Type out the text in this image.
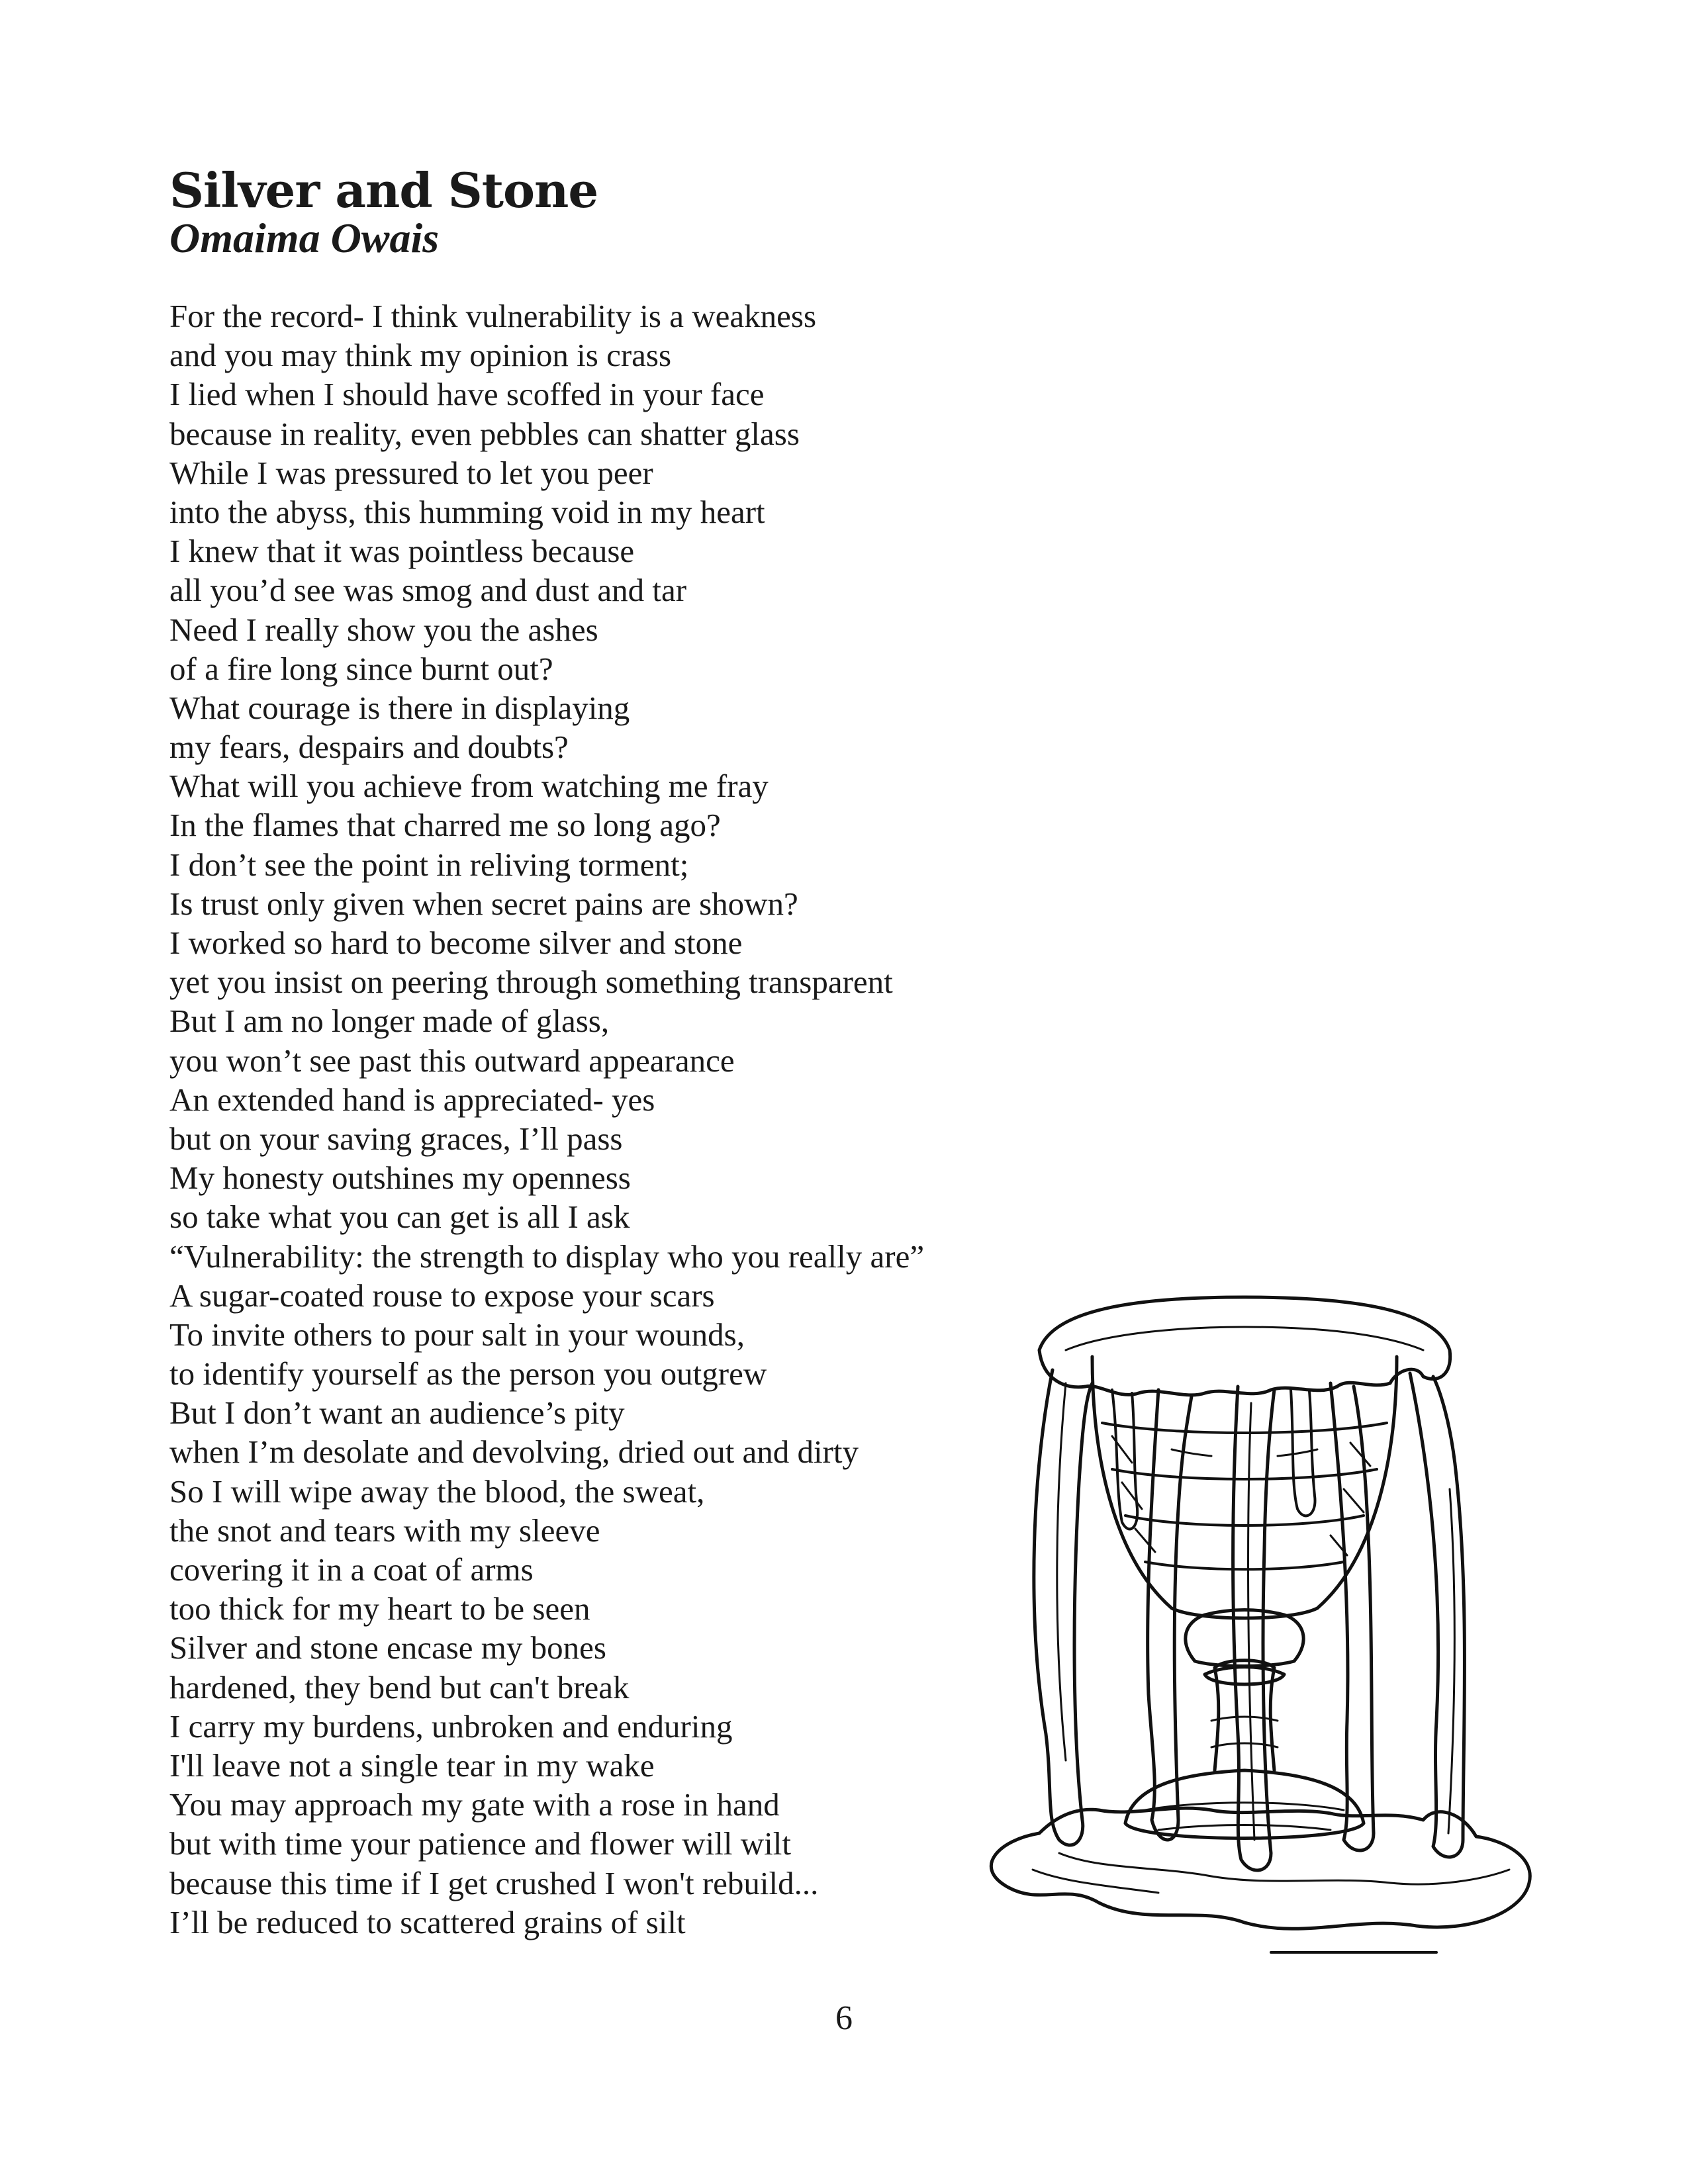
Silver and Stone
Omaima Owais
For the record- I think vulnerability is a weakness
and you may think my opinion is crass
I lied when I should have scoffed in your face
because in reality, even pebbles can shatter glass
While I was pressured to let you peer
into the abyss, this humming void in my heart
I knew that it was pointless because
all you’d see was smog and dust and tar
Need I really show you the ashes
of a fire long since burnt out?
What courage is there in displaying
my fears, despairs and doubts?
What will you achieve from watching me fray
In the flames that charred me so long ago?
I don’t see the point in reliving torment;
Is trust only given when secret pains are shown?
I worked so hard to become silver and stone
yet you insist on peering through something transparent
But I am no longer made of glass,
you won’t see past this outward appearance
An extended hand is appreciated- yes
but on your saving graces, I’ll pass
My honesty outshines my openness
so take what you can get is all I ask
“Vulnerability: the strength to display who you really are”
A sugar-coated rouse to expose your scars
To invite others to pour salt in your wounds,
to identify yourself as the person you outgrew
But I don’t want an audience’s pity
when I’m desolate and devolving, dried out and dirty
So I will wipe away the blood, the sweat,
the snot and tears with my sleeve
covering it in a coat of arms
too thick for my heart to be seen
Silver and stone encase my bones
hardened, they bend but can't break
I carry my burdens, unbroken and enduring
I'll leave not a single tear in my wake
You may approach my gate with a rose in hand
but with time your patience and flower will wilt
because this time if I get crushed I won't rebuild...
I’ll be reduced to scattered grains of silt
6
